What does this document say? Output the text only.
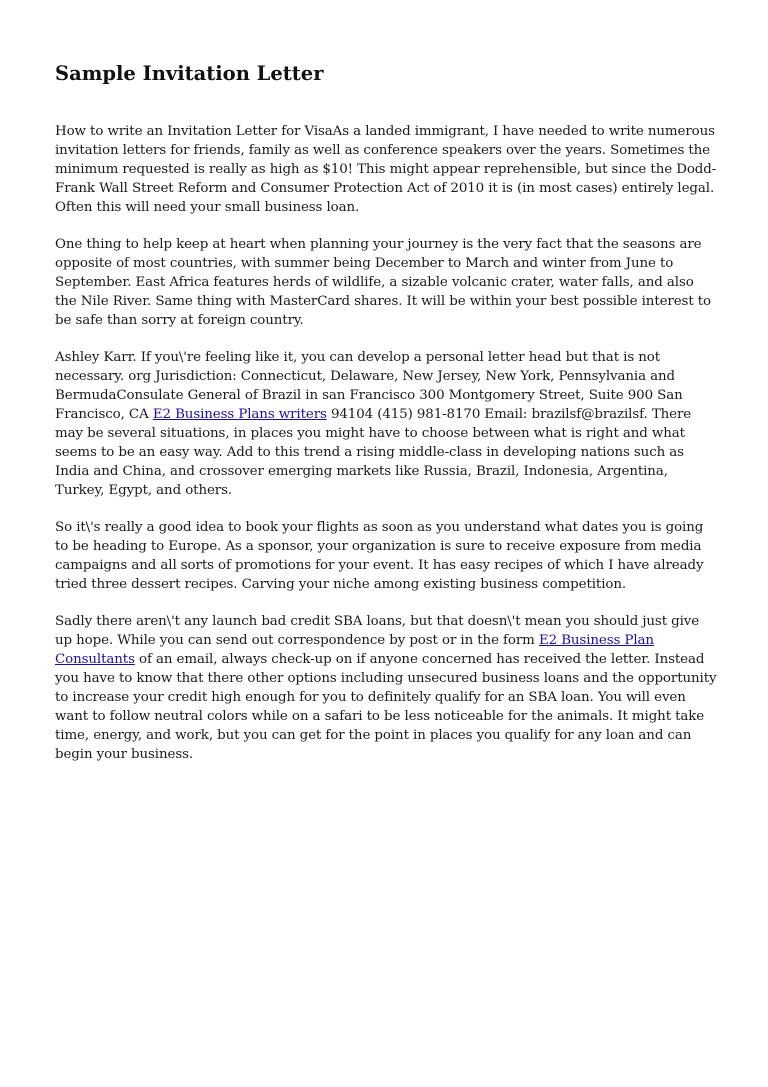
Sample Invitation Letter

How to write an Invitation Letter for VisaAs a landed immigrant, I have needed to write numerous invitation letters for friends, family as well as conference speakers over the years. Sometimes the minimum requested is really as high as $10! This might appear reprehensible, but since the Dodd-Frank Wall Street Reform and Consumer Protection Act of 2010 it is (in most cases) entirely legal. Often this will need your small business loan.

One thing to help keep at heart when planning your journey is the very fact that the seasons are opposite of most countries, with summer being December to March and winter from June to September. East Africa features herds of wildlife, a sizable volcanic crater, water falls, and also the Nile River. Same thing with MasterCard shares. It will be within your best possible interest to be safe than sorry at foreign country.

Ashley Karr. If you\'re feeling like it, you can develop a personal letter head but that is not necessary. org Jurisdiction: Connecticut, Delaware, New Jersey, New York, Pennsylvania and BermudaConsulate General of Brazil in san Francisco 300 Montgomery Street, Suite 900 San Francisco, CA E2 Business Plans writers 94104 (415) 981-8170 Email: brazilsf@brazilsf. There may be several situations, in places you might have to choose between what is right and what seems to be an easy way. Add to this trend a rising middle-class in developing nations such as India and China, and crossover emerging markets like Russia, Brazil, Indonesia, Argentina, Turkey, Egypt, and others.

So it\'s really a good idea to book your flights as soon as you understand what dates you is going to be heading to Europe. As a sponsor, your organization is sure to receive exposure from media campaigns and all sorts of promotions for your event. It has easy recipes of which I have already tried three dessert recipes. Carving your niche among existing business competition.

Sadly there aren\'t any launch bad credit SBA loans, but that doesn\'t mean you should just give up hope. While you can send out correspondence by post or in the form E2 Business Plan Consultants of an email, always check-up on if anyone concerned has received the letter. Instead you have to know that there other options including unsecured business loans and the opportunity to increase your credit high enough for you to definitely qualify for an SBA loan. You will even want to follow neutral colors while on a safari to be less noticeable for the animals. It might take time, energy, and work, but you can get for the point in places you qualify for any loan and can begin your business.
